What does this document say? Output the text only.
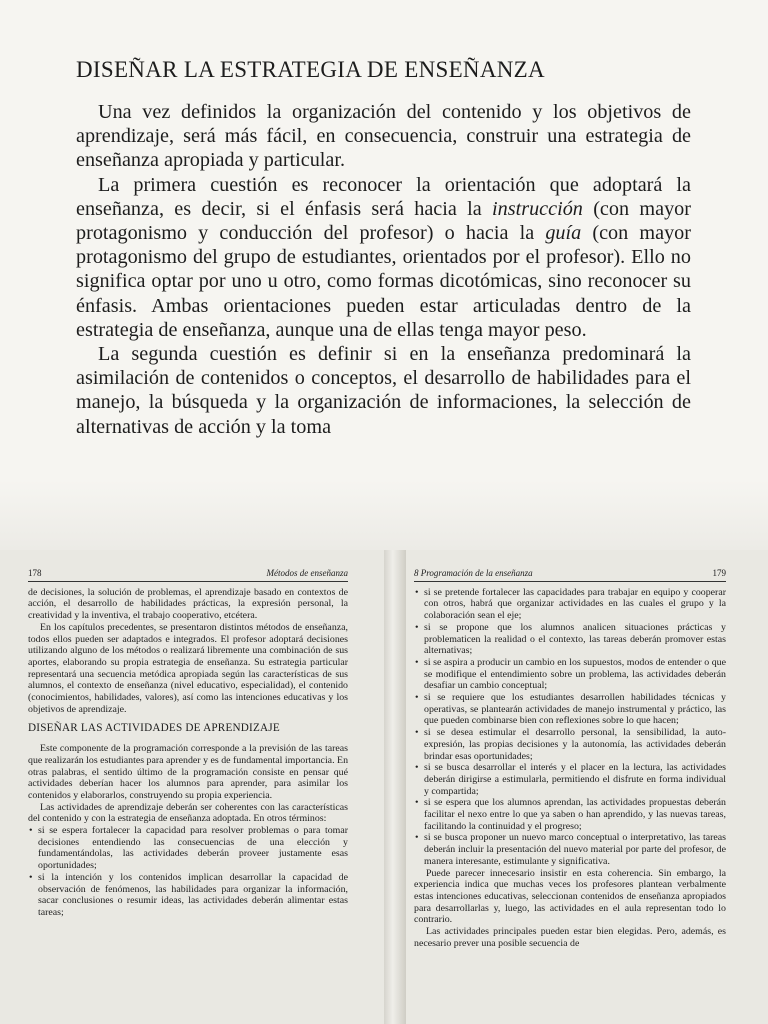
DISEÑAR LA ESTRATEGIA DE ENSEÑANZA

Una vez definidos la organización del contenido y los objetivos de aprendizaje, será más fácil, en consecuencia, construir una estrategia de enseñanza apropiada y particular.

La primera cuestión es reconocer la orientación que adoptará la enseñanza, es decir, si el énfasis será hacia la instrucción (con mayor protagonismo y conducción del profesor) o hacia la guía (con mayor protagonismo del grupo de estudiantes, orientados por el profesor). Ello no significa optar por uno u otro, como formas dicotómicas, sino reconocer su énfasis. Ambas orientaciones pueden estar articuladas dentro de la estrategia de enseñanza, aunque una de ellas tenga mayor peso.

La segunda cuestión es definir si en la enseñanza predominará la asimilación de contenidos o conceptos, el desarrollo de habilidades para el manejo, la búsqueda y la organización de informaciones, la selección de alternativas de acción y la toma

178	Métodos de enseñanza

de decisiones, la solución de problemas, el aprendizaje basado en contextos de acción, el desarrollo de habilidades prácticas, la expresión personal, la creatividad y la inventiva, el trabajo cooperativo, etcétera.

En los capítulos precedentes, se presentaron distintos métodos de enseñanza, todos ellos pueden ser adaptados e integrados. El profesor adoptará decisiones utilizando alguno de los métodos o realizará libremente una combinación de sus aportes, elaborando su propia estrategia de enseñanza. Su estrategia particular representará una secuencia metódica apropiada según las características de sus alumnos, el contexto de enseñanza (nivel educativo, especialidad), el contenido (conocimientos, habilidades, valores), así como las intenciones educativas y los objetivos de aprendizaje.

DISEÑAR LAS ACTIVIDADES DE APRENDIZAJE

Este componente de la programación corresponde a la previsión de las tareas que realizarán los estudiantes para aprender y es de fundamental importancia. En otras palabras, el sentido último de la programación consiste en pensar qué actividades deberían hacer los alumnos para aprender, para asimilar los contenidos y elaborarlos, construyendo su propia experiencia.

Las actividades de aprendizaje deberán ser coherentes con las características del contenido y con la estrategia de enseñanza adoptada. En otros términos:

• si se espera fortalecer la capacidad para resolver problemas o para tomar decisiones entendiendo las consecuencias de una elección y fundamentándolas, las actividades deberán proveer justamente esas oportunidades;
• si la intención y los contenidos implican desarrollar la capacidad de observación de fenómenos, las habilidades para organizar la información, sacar conclusiones o resumir ideas, las actividades deberán alimentar estas tareas;
8 Programación de la enseñanza	179
• si se pretende fortalecer las capacidades para trabajar en equipo y cooperar con otros, habrá que organizar actividades en las cuales el grupo y la colaboración sean el eje;
• si se propone que los alumnos analicen situaciones prácticas y problematicen la realidad o el contexto, las tareas deberán promover estas alternativas;
• si se aspira a producir un cambio en los supuestos, modos de entender o que se modifique el entendimiento sobre un problema, las actividades deberán desafiar un cambio conceptual;
• si se requiere que los estudiantes desarrollen habilidades técnicas y operativas, se plantearán actividades de manejo instrumental y práctico, las que pueden combinarse bien con reflexiones sobre lo que hacen;
• si se desea estimular el desarrollo personal, la sensibilidad, la auto-expresión, las propias decisiones y la autonomía, las actividades deberán brindar esas oportunidades;
• si se busca desarrollar el interés y el placer en la lectura, las actividades deberán dirigirse a estimularla, permitiendo el disfrute en forma individual y compartida;
• si se espera que los alumnos aprendan, las actividades propuestas deberán facilitar el nexo entre lo que ya saben o han aprendido, y las nuevas tareas, facilitando la continuidad y el progreso;
• si se busca proponer un nuevo marco conceptual o interpretativo, las tareas deberán incluir la presentación del nuevo material por parte del profesor, de manera interesante, estimulante y significativa.

Puede parecer innecesario insistir en esta coherencia. Sin embargo, la experiencia indica que muchas veces los profesores plantean verbalmente estas intenciones educativas, seleccionan contenidos de enseñanza apropiados para desarrollarlas y, luego, las actividades en el aula representan todo lo contrario.

Las actividades principales pueden estar bien elegidas. Pero, además, es necesario prever una posible secuencia de
